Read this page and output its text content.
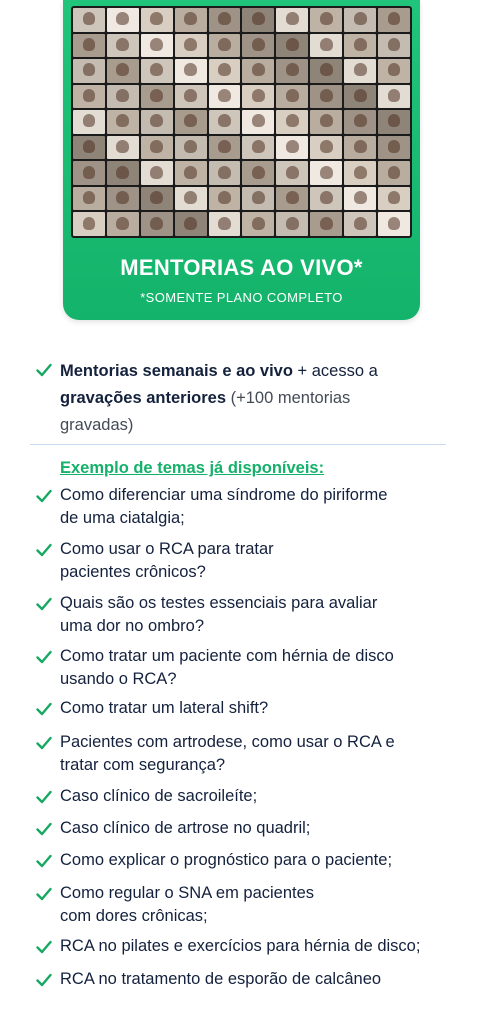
MENTORIAS AO VIVO*
*SOMENTE PLANO COMPLETO
Mentorias semanais e ao vivo + acesso a
gravações anteriores (+100 mentorias
gravadas)
Exemplo de temas já disponíveis:
Como diferenciar uma síndrome do piriforme
de uma ciatalgia;
Como usar o RCA para tratar
pacientes crônicos?
Quais são os testes essenciais para avaliar
uma dor no ombro?
Como tratar um paciente com hérnia de disco
usando o RCA?
Como tratar um lateral shift?
Pacientes com artrodese, como usar o RCA e
tratar com segurança?
Caso clínico de sacroileíte;
Caso clínico de artrose no quadril;
Como explicar o prognóstico para o paciente;
Como regular o SNA em pacientes
com dores crônicas;
RCA no pilates e exercícios para hérnia de disco;
RCA no tratamento de esporão de calcâneo
